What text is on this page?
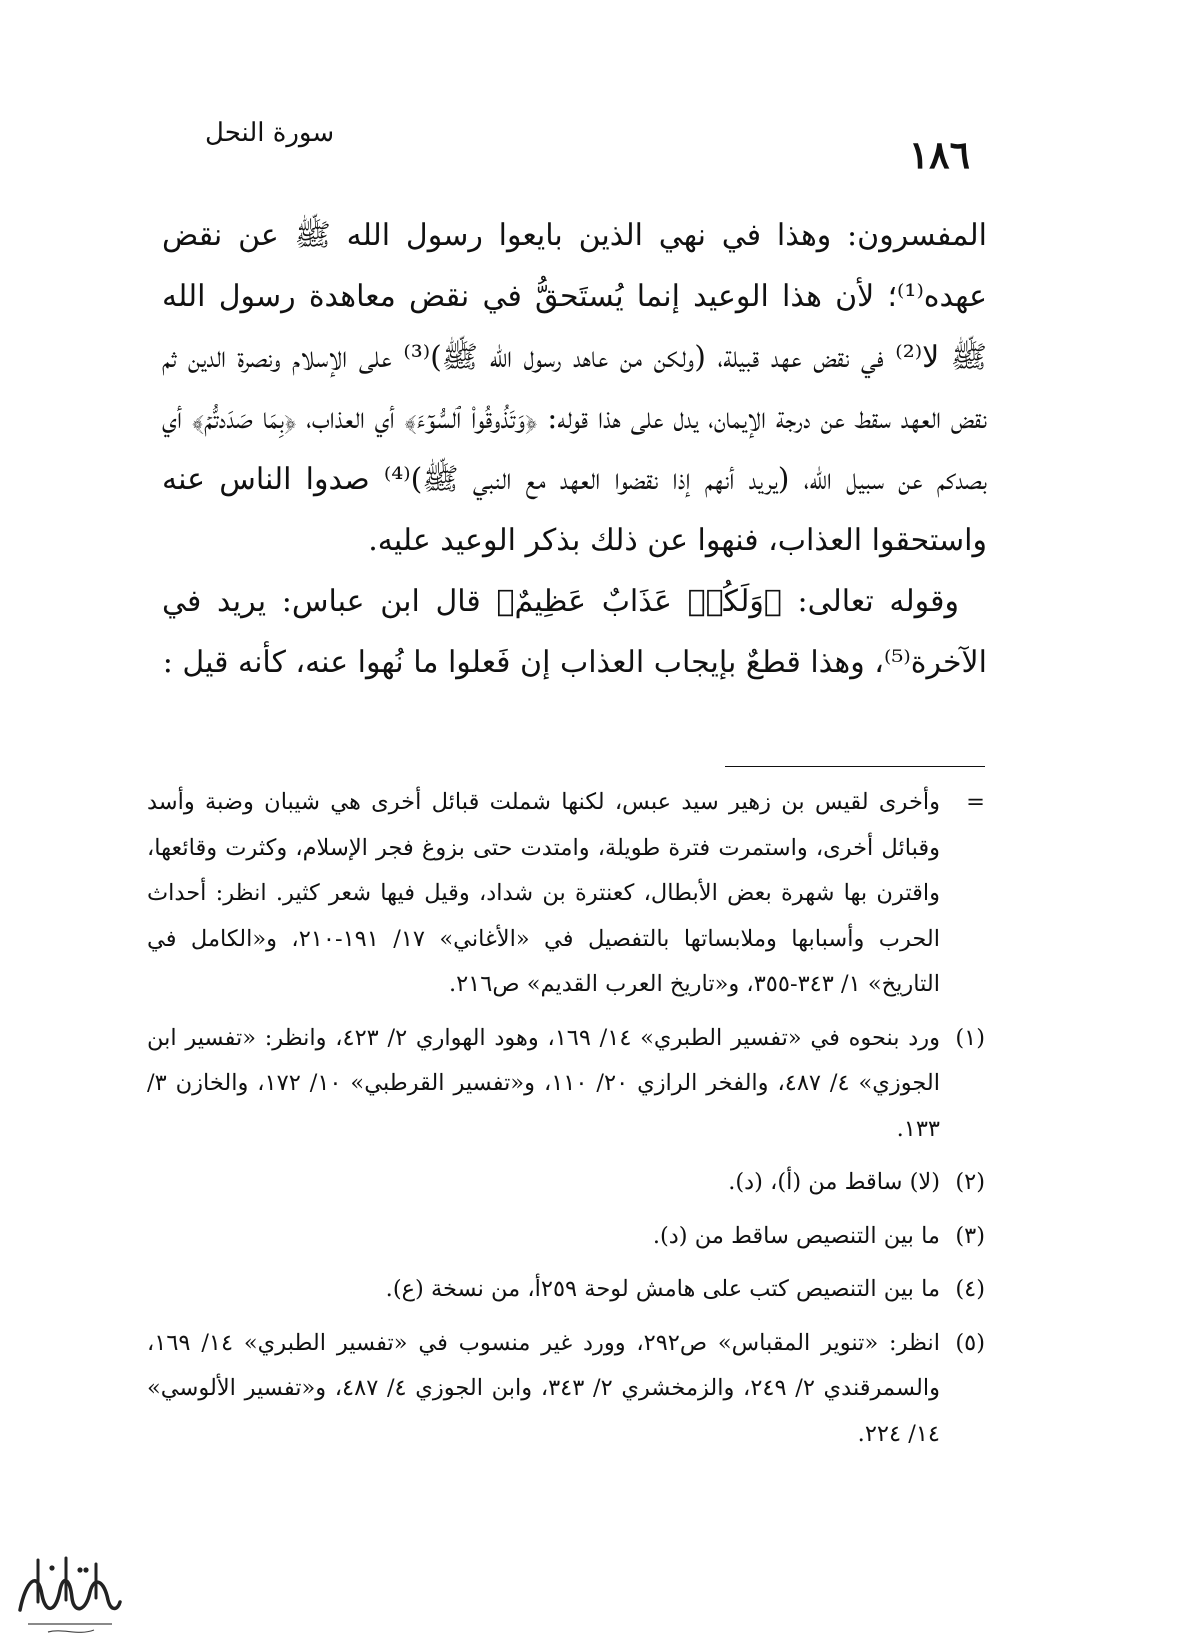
١٨٦
سورة النحل

المفسرون: وهذا في نهي الذين بايعوا رسول الله ﷺ عن نقض عهده⁽¹⁾؛ لأن هذا الوعيد إنما يُستَحقُّ في نقض معاهدة رسول الله ﷺ لا⁽²⁾ في نقض عهد قبيلة، (ولكن من عاهد رسول الله ﷺ)⁽³⁾ على الإسلام ونصرة الدين ثم نقض العهد سقط عن درجة الإيمان، يدل على هذا قوله: ﴿وَتَذُوقُواْ ٱلسُّوٓءَ﴾ أي العذاب، ﴿بِمَا صَدَدتُّمۡ﴾ أي بصدكم عن سبيل الله، (يريد أنهم إذا نقضوا العهد مع النبي ﷺ)⁽⁴⁾ صدوا الناس عنه واستحقوا العذاب، فنهوا عن ذلك بذكر الوعيد عليه.

وقوله تعالى: ﴿وَلَكُمۡ عَذَابٌ عَظِيمٌ﴾ قال ابن عباس: يريد في الآخرة⁽⁵⁾، وهذا قطعٌ بإيجاب العذاب إن فَعلوا ما نُهوا عنه، كأنه قيل :

=
وأخرى لقيس بن زهير سيد عبس، لكنها شملت قبائل أخرى هي شيبان وضبة وأسد وقبائل أخرى، واستمرت فترة طويلة، وامتدت حتى بزوغ فجر الإسلام، وكثرت وقائعها، واقترن بها شهرة بعض الأبطال، كعنترة بن شداد، وقيل فيها شعر كثير. انظر: أحداث الحرب وأسبابها وملابساتها بالتفصيل في «الأغاني» ١٧/ ١٩١-٢١٠، و«الكامل في التاريخ» ١/ ٣٤٣-٣٥٥، و«تاريخ العرب القديم» ص٢١٦.
(١)
ورد بنحوه في «تفسير الطبري» ١٤/ ١٦٩، وهود الهواري ٢/ ٤٢٣، وانظر: «تفسير ابن الجوزي» ٤/ ٤٨٧، والفخر الرازي ٢٠/ ١١٠، و«تفسير القرطبي» ١٠/ ١٧٢، والخازن ٣/ ١٣٣.
(٢)
(لا) ساقط من (أ)، (د).
(٣)
ما بين التنصيص ساقط من (د).
(٤)
ما بين التنصيص كتب على هامش لوحة ٢٥٩أ، من نسخة (ع).
(٥)
انظر: «تنوير المقباس» ص٢٩٢، وورد غير منسوب في «تفسير الطبري» ١٤/ ١٦٩، والسمرقندي ٢/ ٢٤٩، والزمخشري ٢/ ٣٤٣، وابن الجوزي ٤/ ٤٨٧، و«تفسير الألوسي» ١٤/ ٢٢٤.
